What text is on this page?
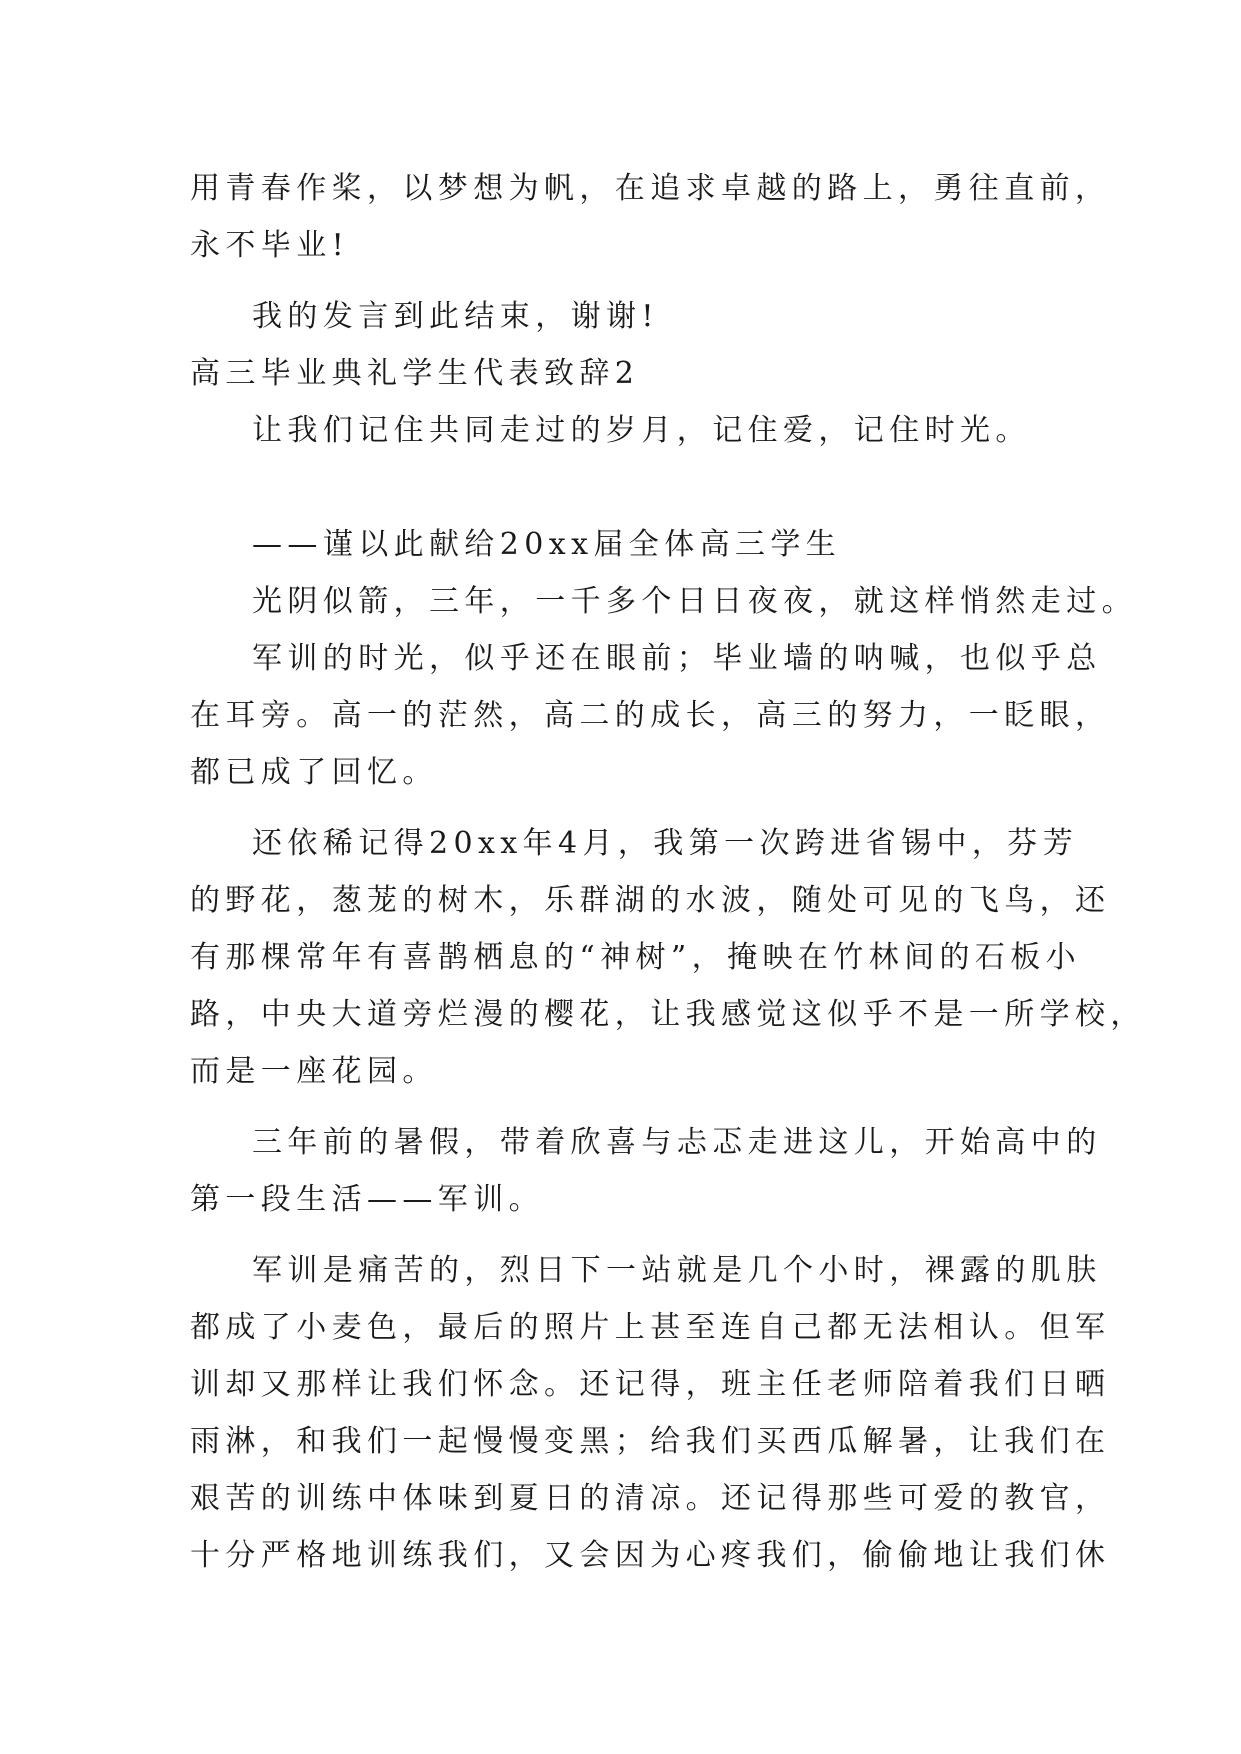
用青春作桨，以梦想为帆，在追求卓越的路上，勇往直前，
永不毕业!
我的发言到此结束，谢谢!
高三毕业典礼学生代表致辞2
让我们记住共同走过的岁月，记住爱，记住时光。
——谨以此献给20xx届全体高三学生
光阴似箭，三年，一千多个日日夜夜，就这样悄然走过。
军训的时光，似乎还在眼前；毕业墙的呐喊，也似乎总
在耳旁。高一的茫然，高二的成长，高三的努力，一眨眼，
都已成了回忆。
还依稀记得20xx年4月，我第一次跨进省锡中，芬芳
的野花，葱茏的树木，乐群湖的水波，随处可见的飞鸟，还
有那棵常年有喜鹊栖息的“神树”，掩映在竹林间的石板小
路，中央大道旁烂漫的樱花，让我感觉这似乎不是一所学校，
而是一座花园。
三年前的暑假，带着欣喜与忐忑走进这儿，开始高中的
第一段生活——军训。
军训是痛苦的，烈日下一站就是几个小时，裸露的肌肤
都成了小麦色，最后的照片上甚至连自己都无法相认。但军
训却又那样让我们怀念。还记得，班主任老师陪着我们日晒
雨淋，和我们一起慢慢变黑；给我们买西瓜解暑，让我们在
艰苦的训练中体味到夏日的清凉。还记得那些可爱的教官，
十分严格地训练我们，又会因为心疼我们，偷偷地让我们休
